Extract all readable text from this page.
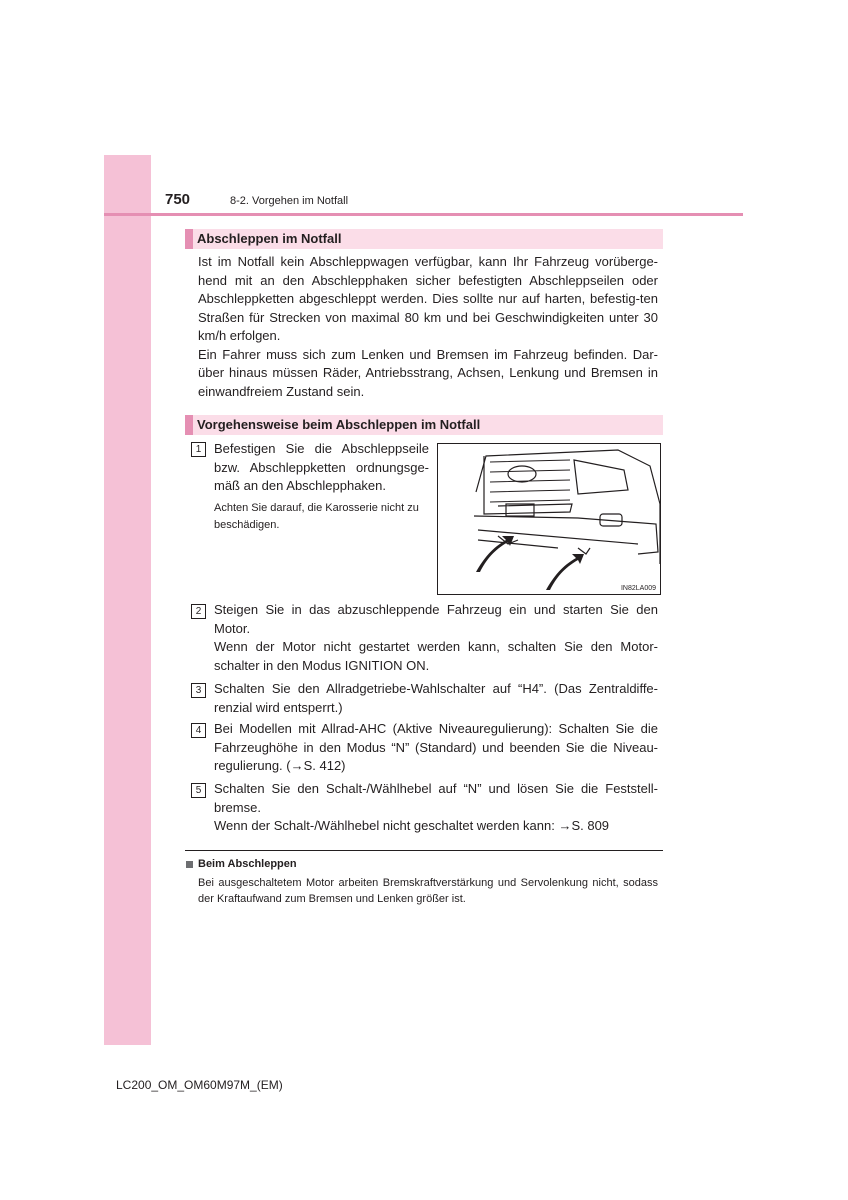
750	8-2. Vorgehen im Notfall
Abschleppen im Notfall

Ist im Notfall kein Abschleppwagen verfügbar, kann Ihr Fahrzeug vorüberge-hend mit an den Abschlepphaken sicher befestigten Abschleppseilen oder Abschleppketten abgeschleppt werden. Dies sollte nur auf harten, befestig-ten Straßen für Strecken von maximal 80 km und bei Geschwindigkeiten unter 30 km/h erfolgen.

Ein Fahrer muss sich zum Lenken und Bremsen im Fahrzeug befinden. Dar-über hinaus müssen Räder, Antriebsstrang, Achsen, Lenkung und Bremsen in einwandfreiem Zustand sein.

Vorgehensweise beim Abschleppen im Notfall
1 Befestigen Sie die Abschleppseile bzw. Abschleppketten ordnungsge-mäß an den Abschlepphaken.

Achten Sie darauf, die Karosserie nicht zu beschädigen.
IN82LA009
2 Steigen Sie in das abzuschleppende Fahrzeug ein und starten Sie den Motor.

Wenn der Motor nicht gestartet werden kann, schalten Sie den Motor-schalter in den Modus IGNITION ON.

3 Schalten Sie den Allradgetriebe-Wahlschalter auf “H4”. (Das Zentraldiffe-renzial wird entsperrt.)

4 Bei Modellen mit Allrad-AHC (Aktive Niveauregulierung): Schalten Sie die Fahrzeughöhe in den Modus “N” (Standard) und beenden Sie die Niveau-regulierung. (→S. 412)

5 Schalten Sie den Schalt-/Wählhebel auf “N” und lösen Sie die Feststell-bremse.

Wenn der Schalt-/Wählhebel nicht geschaltet werden kann: →S. 809

Beim Abschleppen
Bei ausgeschaltetem Motor arbeiten Bremskraftverstärkung und Servolenkung nicht, sodass der Kraftaufwand zum Bremsen und Lenken größer ist.
LC200_OM_OM60M97M_(EM)
